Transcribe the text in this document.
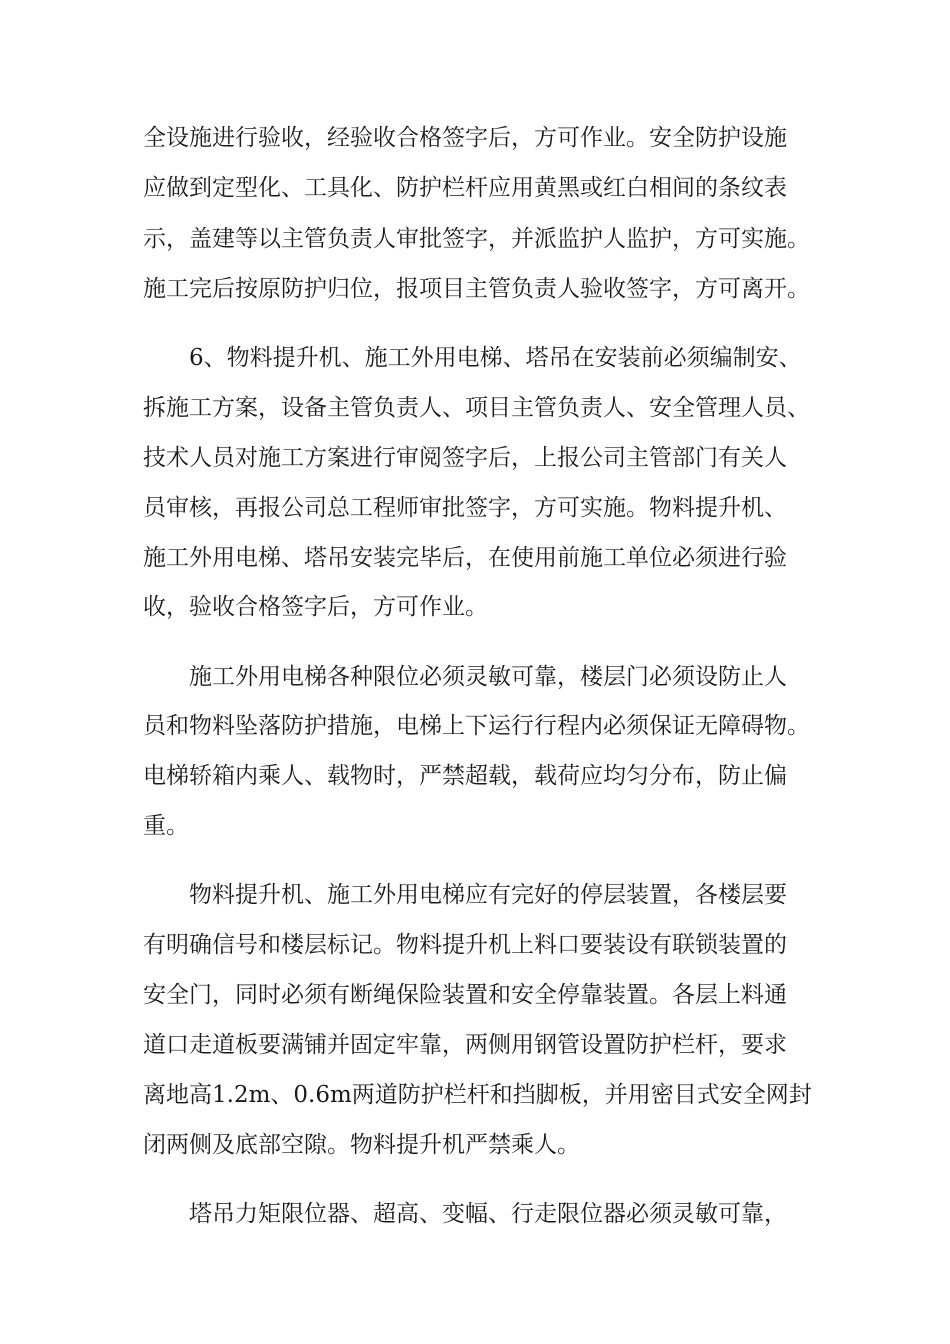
全设施进行验收，经验收合格签字后，方可作业。安全防护设施
应做到定型化、工具化、防护栏杆应用黄黑或红白相间的条纹表
示，盖建等以主管负责人审批签字，并派监护人监护，方可实施。
施工完后按原防护归位，报项目主管负责人验收签字，方可离开。
6、物料提升机、施工外用电梯、塔吊在安装前必须编制安、
拆施工方案，设备主管负责人、项目主管负责人、安全管理人员、
技术人员对施工方案进行审阅签字后，上报公司主管部门有关人
员审核，再报公司总工程师审批签字，方可实施。物料提升机、
施工外用电梯、塔吊安装完毕后，在使用前施工单位必须进行验
收，验收合格签字后，方可作业。
施工外用电梯各种限位必须灵敏可靠，楼层门必须设防止人
员和物料坠落防护措施，电梯上下运行行程内必须保证无障碍物。
电梯轿箱内乘人、载物时，严禁超载，载荷应均匀分布，防止偏
重。
物料提升机、施工外用电梯应有完好的停层装置，各楼层要
有明确信号和楼层标记。物料提升机上料口要装设有联锁装置的
安全门，同时必须有断绳保险装置和安全停靠装置。各层上料通
道口走道板要满铺并固定牢靠，两侧用钢管设置防护栏杆，要求
离地高1.2m、0.6m两道防护栏杆和挡脚板，并用密目式安全网封
闭两侧及底部空隙。物料提升机严禁乘人。
塔吊力矩限位器、超高、变幅、行走限位器必须灵敏可靠，
